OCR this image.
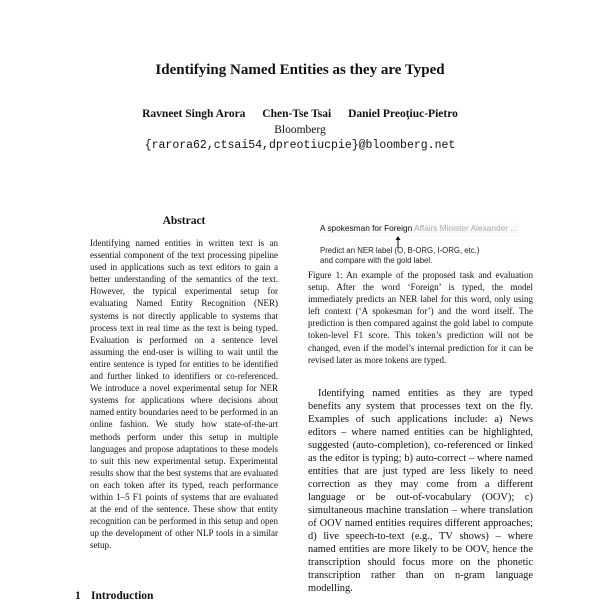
Identifying Named Entities as they are Typed
Ravneet Singh Arora Chen-Tse Tsai Daniel Preoţiuc-Pietro
Bloomberg
{rarora62,ctsai54,dpreotiucpie}@bloomberg.net
Abstract
Identifying named entities in written text is an essential component of the text processing pipeline used in applications such as text editors to gain a better understanding of the semantics of the text. However, the typical experimental setup for evaluating Named Entity Recognition (NER) systems is not directly applicable to systems that process text in real time as the text is being typed. Evaluation is performed on a sentence level assuming the end-user is willing to wait until the entire sentence is typed for entities to be identified and further linked to identifiers or co-referenced. We introduce a novel experimental setup for NER systems for applications where decisions about named entity boundaries need to be performed in an online fashion. We study how state-of-the-art methods perform under this setup in multiple languages and propose adaptations to these models to suit this new experimental setup. Experimental results show that the best systems that are evaluated on each token after its typed, reach performance within 1–5 F1 points of systems that are evaluated at the end of the sentence. These show that entity recognition can be performed in this setup and open up the development of other NLP tools in a similar setup.
1 Introduction
A spokesman for Foreign Affairs Minister Alexander ...
Predict an NER label (O, B-ORG, I-ORG, etc.)
and compare with the gold label.
Figure 1: An example of the proposed task and evaluation setup. After the word ‘Foreign’ is typed, the model immediately predicts an NER label for this word, only using left context (‘A spokesman for’) and the word itself. The prediction is then compared against the gold label to compute token-level F1 score. This token’s prediction will not be changed, even if the model’s internal prediction for it can be revised later as more tokens are typed.

Identifying named entities as they are typed benefits any system that processes text on the fly. Examples of such applications include: a) News editors – where named entities can be highlighted, suggested (auto-completion), co-referenced or linked as the editor is typing; b) auto-correct – where named entities that are just typed are less likely to need correction as they may come from a different language or be out-of-vocabulary (OOV); c) simultaneous machine translation – where translation of OOV named entities requires different approaches; d) live speech-to-text (e.g., TV shows) – where named entities are more likely to be OOV, hence the transcription should focus more on the phonetic transcription rather than on n-gram language modelling.
